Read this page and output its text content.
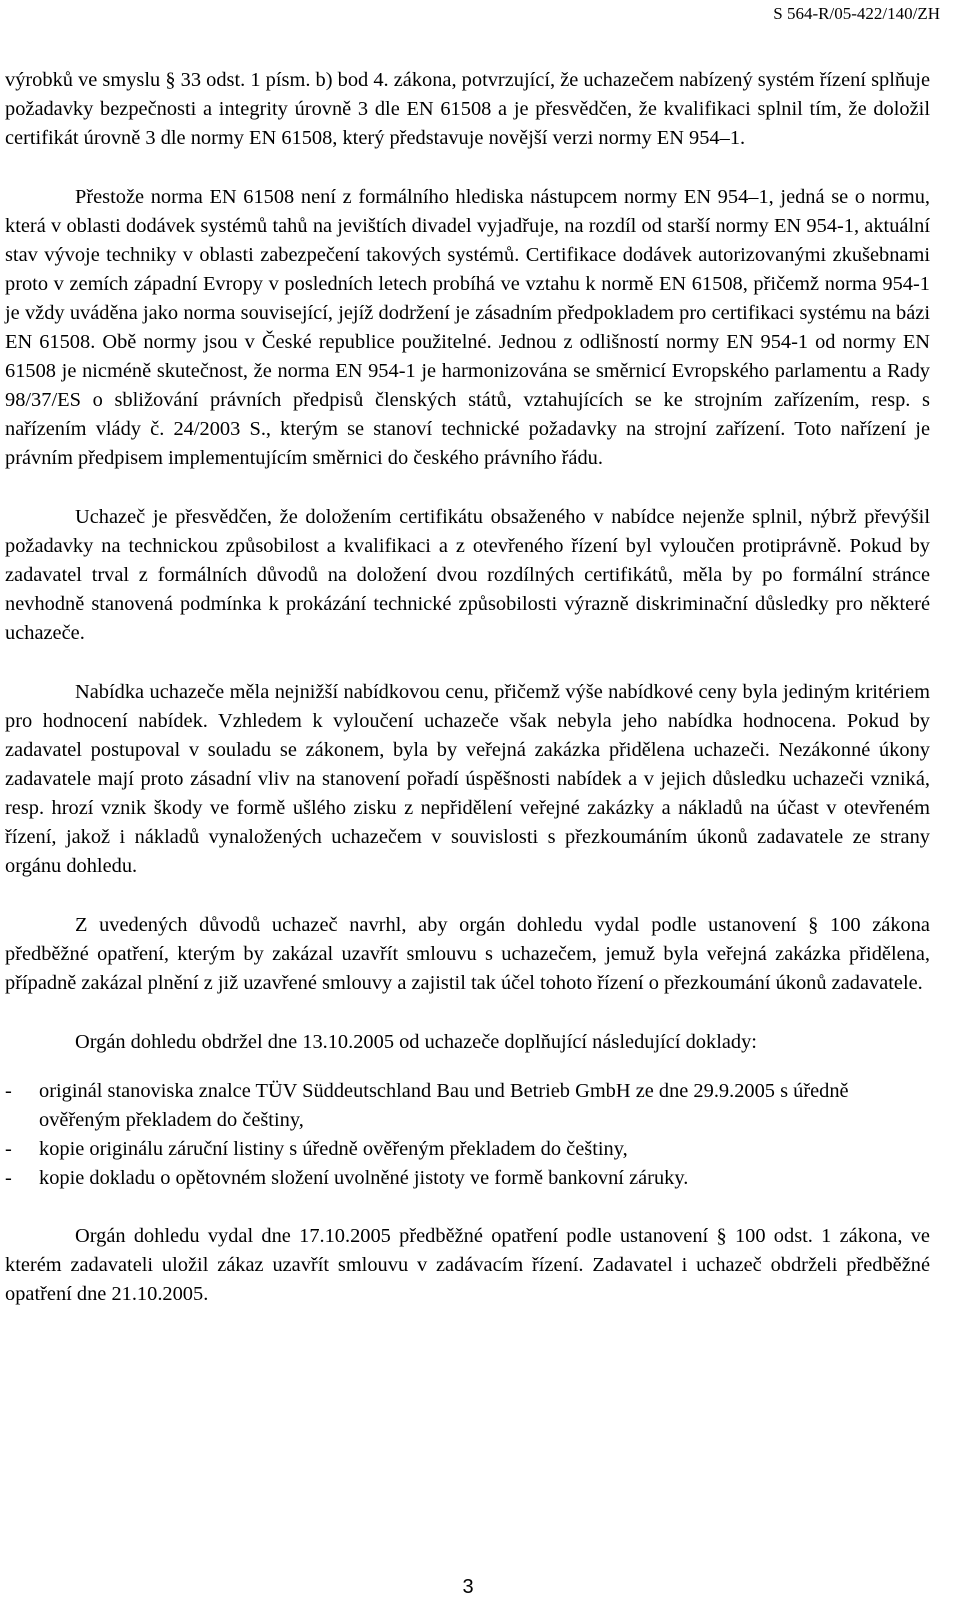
S 564-R/05-422/140/ZH

výrobků ve smyslu § 33 odst. 1 písm. b) bod 4. zákona, potvrzující, že uchazečem nabízený systém řízení splňuje požadavky bezpečnosti a integrity úrovně 3 dle EN 61508 a je přesvědčen, že kvalifikaci splnil tím, že doložil certifikát úrovně 3 dle normy EN 61508, který představuje novější verzi normy EN 954–1.

Přestože norma EN 61508 není z formálního hlediska nástupcem normy EN 954–1, jedná se o normu, která v oblasti dodávek systémů tahů na jevištích divadel vyjadřuje, na rozdíl od starší normy EN 954-1, aktuální stav vývoje techniky v oblasti zabezpečení takových systémů. Certifikace dodávek autorizovanými zkušebnami proto v zemích západní Evropy v posledních letech probíhá ve vztahu k normě EN 61508, přičemž norma 954-1 je vždy uváděna jako norma související, jejíž dodržení je zásadním předpokladem pro certifikaci systému na bázi EN 61508. Obě normy jsou v České republice použitelné. Jednou z odlišností normy EN 954-1 od normy EN 61508 je nicméně skutečnost, že norma EN 954-1 je harmonizována se směrnicí Evropského parlamentu a Rady 98/37/ES o sbližování právních předpisů členských států, vztahujících se ke strojním zařízením, resp. s nařízením vlády č. 24/2003 S., kterým se stanoví technické požadavky na strojní zařízení. Toto nařízení je právním předpisem implementujícím směrnici do českého právního řádu.

Uchazeč je přesvědčen, že doložením certifikátu obsaženého v nabídce nejenže splnil, nýbrž převýšil požadavky na technickou způsobilost a kvalifikaci a z otevřeného řízení byl vyloučen protiprávně. Pokud by zadavatel trval z formálních důvodů na doložení dvou rozdílných certifikátů, měla by po formální stránce nevhodně stanovená podmínka k prokázání technické způsobilosti výrazně diskriminační důsledky pro některé uchazeče.

Nabídka uchazeče měla nejnižší nabídkovou cenu, přičemž výše nabídkové ceny byla jediným kritériem pro hodnocení nabídek. Vzhledem k vyloučení uchazeče však nebyla jeho nabídka hodnocena. Pokud by zadavatel postupoval v souladu se zákonem, byla by veřejná zakázka přidělena uchazeči. Nezákonné úkony zadavatele mají proto zásadní vliv na stanovení pořadí úspěšnosti nabídek a v jejich důsledku uchazeči vzniká, resp. hrozí vznik škody ve formě ušlého zisku z nepřidělení veřejné zakázky a nákladů na účast v otevřeném řízení, jakož i nákladů vynaložených uchazečem v souvislosti s přezkoumáním úkonů zadavatele ze strany orgánu dohledu.

Z uvedených důvodů uchazeč navrhl, aby orgán dohledu vydal podle ustanovení § 100 zákona předběžné opatření, kterým by zakázal uzavřít smlouvu s uchazečem, jemuž byla veřejná zakázka přidělena, případně zakázal plnění z již uzavřené smlouvy a zajistil tak účel tohoto řízení o přezkoumání úkonů zadavatele.

Orgán dohledu obdržel dne 13.10.2005 od uchazeče doplňující následující doklady:

- originál stanoviska znalce TÜV Süddeutschland Bau und Betrieb GmbH ze dne 29.9.2005 s úředně ověřeným překladem do češtiny,
- kopie originálu záruční listiny s úředně ověřeným překladem do češtiny,
- kopie dokladu o opětovném složení uvolněné jistoty ve formě bankovní záruky.

Orgán dohledu vydal dne 17.10.2005 předběžné opatření podle ustanovení § 100 odst. 1 zákona, ve kterém zadavateli uložil zákaz uzavřít smlouvu v zadávacím řízení. Zadavatel i uchazeč obdrželi předběžné opatření dne 21.10.2005.

3
